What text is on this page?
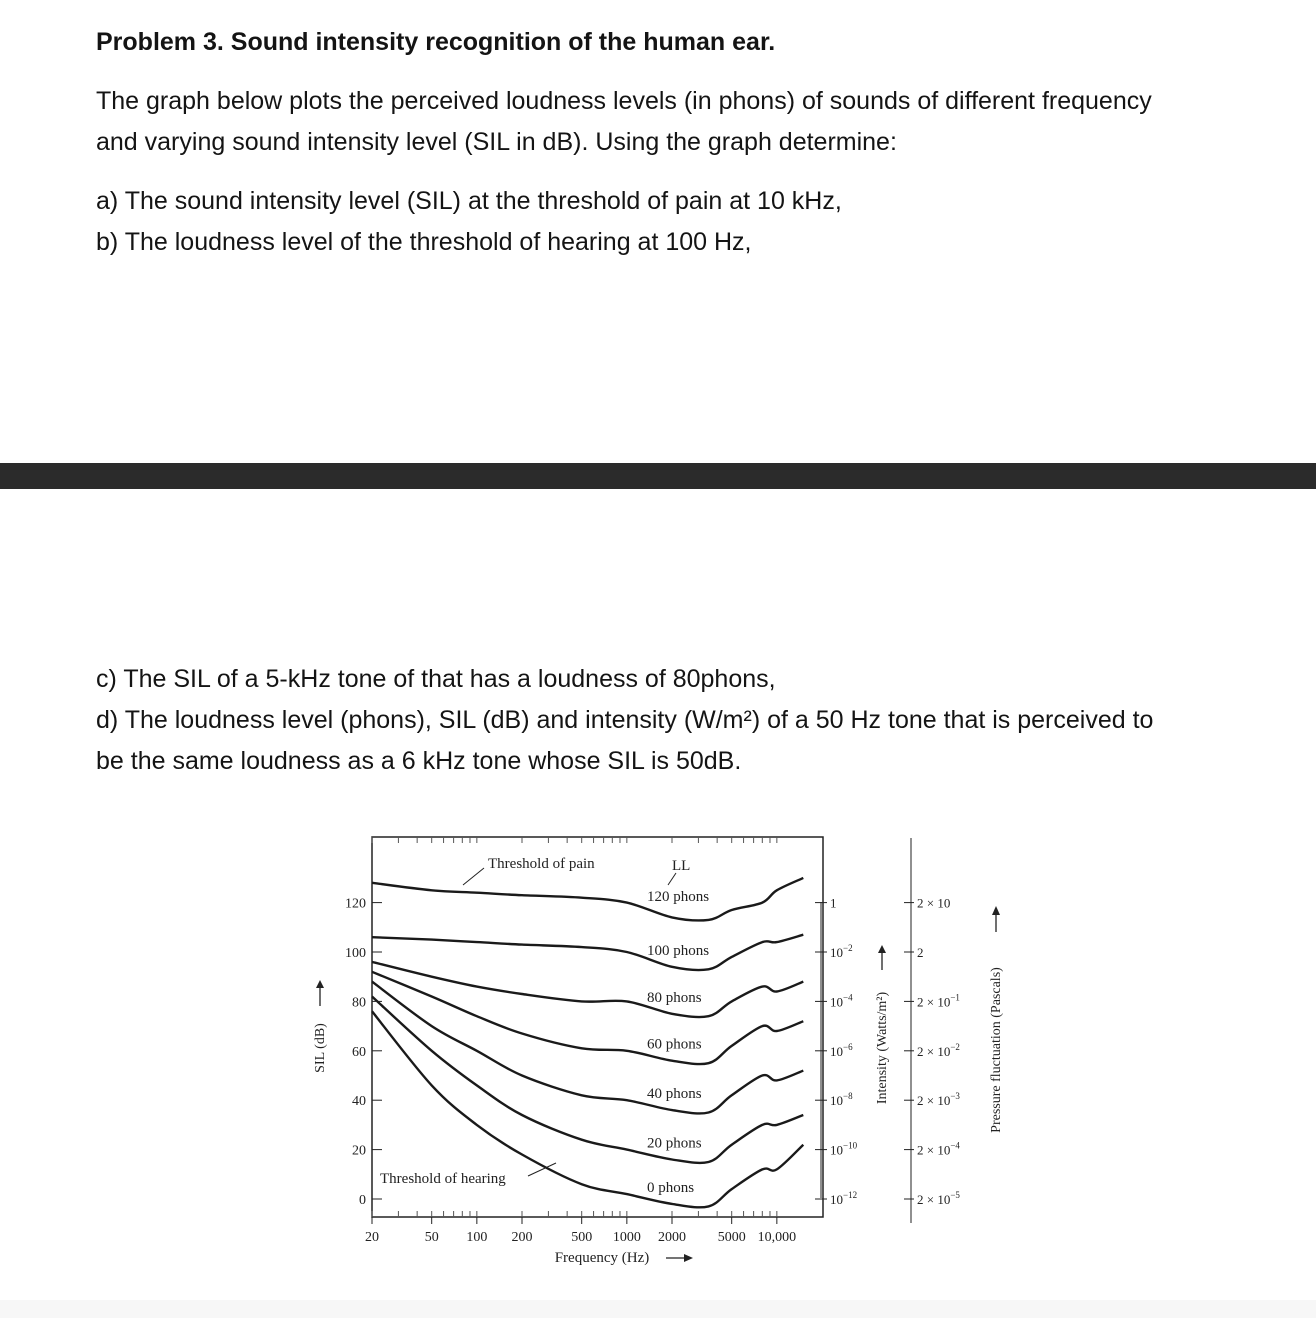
Problem 3. Sound intensity recognition of the human ear.

The graph below plots the perceived loudness levels (in phons) of sounds of different frequency and varying sound intensity level (SIL in dB). Using the graph determine:

a) The sound intensity level (SIL) at the threshold of pain at 10 kHz,

b) The loudness level of the threshold of hearing at 100 Hz,

c) The SIL of a 5-kHz tone of that has a loudness of 80phons,

d) The loudness level (phons), SIL (dB) and intensity (W/m²) of a 50 Hz tone that is perceived to be the same loudness as a 6 kHz tone whose SIL is 50dB.

120 phons
100 phons
80 phons
60 phons
40 phons
20 phons
0 phons
0
20
40
60
80
100
120
20	50 100 200	500 1000 2000 5000 10,000
SIL (dB)
Frequency (Hz)
Threshold of pain
Threshold of hearing
LL
1
$10^{-2}$
$10^{-4}$
$10^{-6}$
$10^{-8}$
$10^{-10}$
$10^{-12}$
Intensity (Watts/m²)
2 × 10
2
$2 \times 10^{-1}$
$2 \times 10^{-2}$
$2 \times 10^{-3}$
$2 \times 10^{-4}$
$2 \times 10^{-5}$
Pressure fluctuation (Pascals)
